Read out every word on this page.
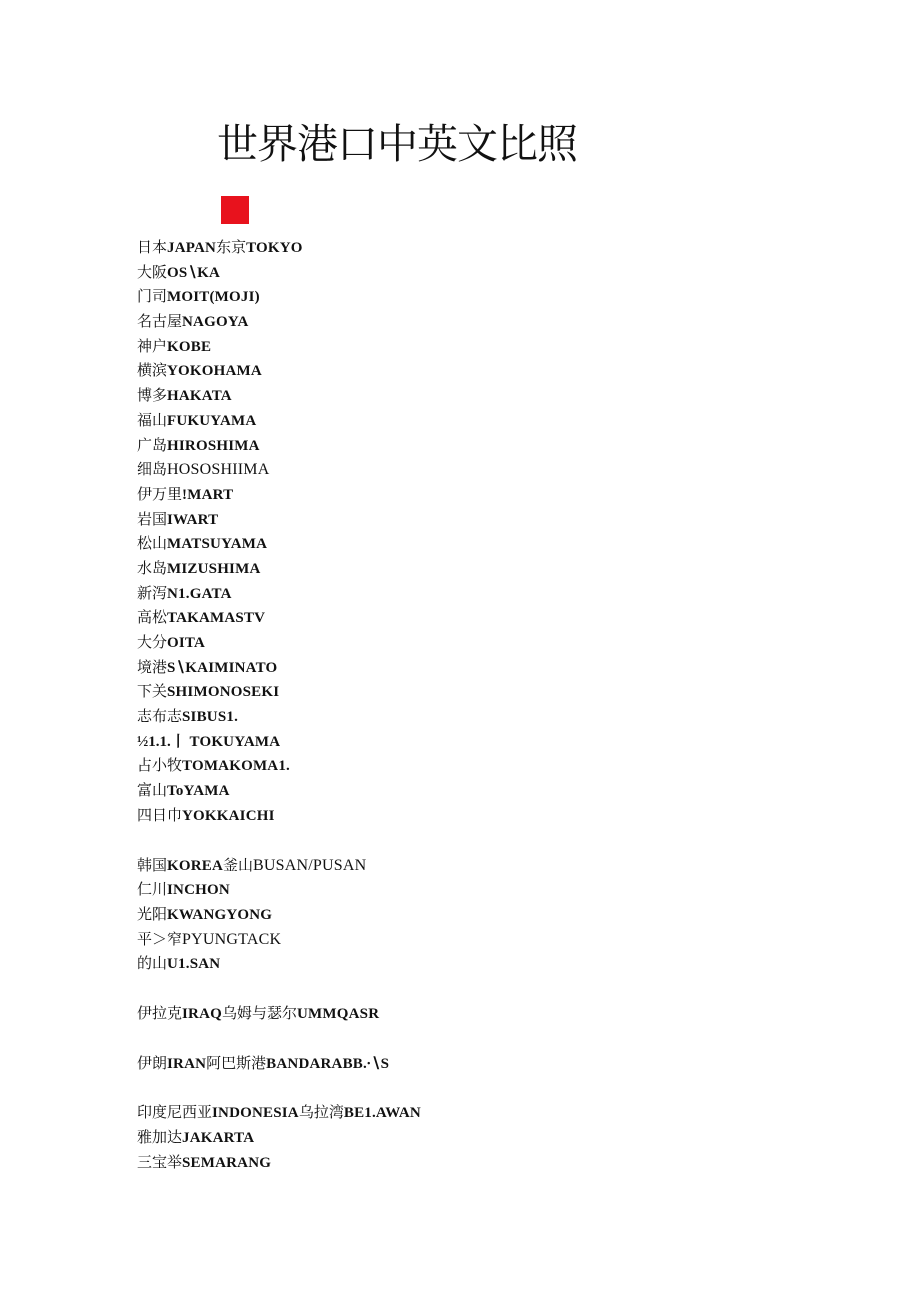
世界港口中英文比照
日本JAPAN东京TOKYO
大阪OS∖KA
门司MOIT(MOJI)
名古屋NAGOYA
神户KOBE
横滨YOKOHAMA
博多HAKATA
福山FUKUYAMA
广岛HIROSHIMA
细岛HOSOSHIIMA
伊万里!MART
岩国IWART
松山MATSUYAMA
水岛MIZUSHIMA
新泻N1.GATA
高松TAKAMASTV
大分OITA
境港S∖KAIMINATO
下关SHIMONOSEKI
志布志SIBUS1.
½1.1.丨 TOKUYAMA
占小牧TOMAKOMA1.
富山ToYAMA
四日巾YOKKAICHI
韩国KOREA釜山BUSAN/PUSAN
仁川INCHON
光阳KWANGYONG
平＞窄PYUNGTACK
的山U1.SAN
伊拉克IRAQ乌姆与瑟尔UMMQASR
伊朗IRAN阿巴斯港BANDARABB.∙∖S
印度尼西亚INDONESIA乌拉湾BE1.AWAN
雅加达JAKARTA
三宝举SEMARANG
